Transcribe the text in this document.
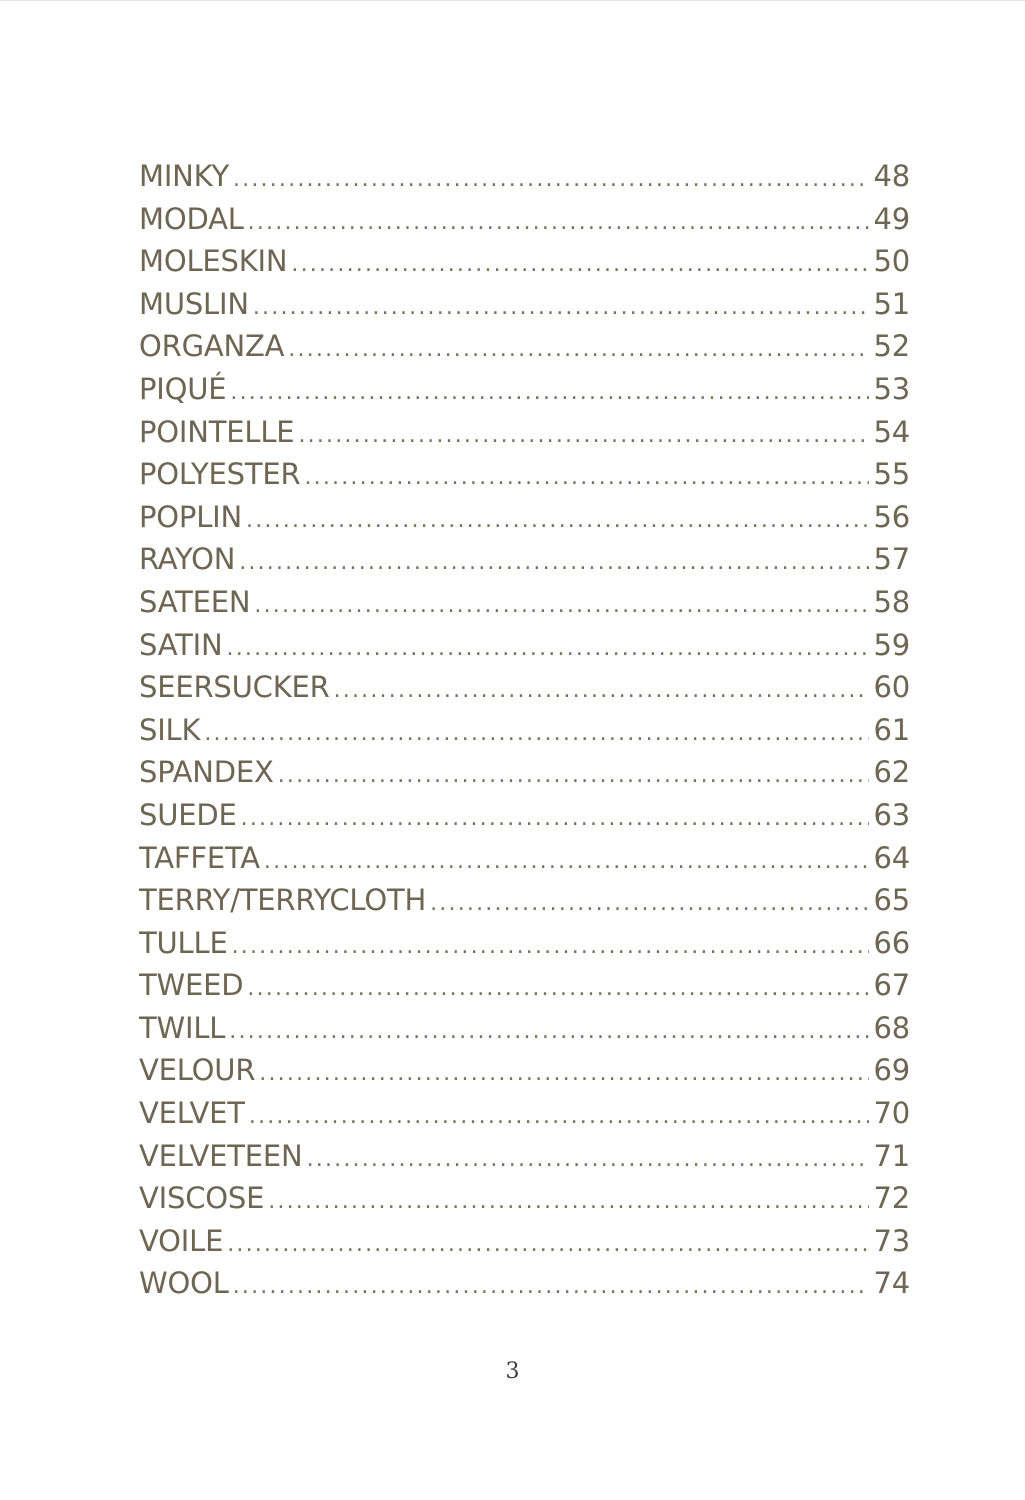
MINKY .....	48
MODAL .....	49
MOLESKIN .....	50
MUSLIN .....	51
ORGANZA .....	52
PIQUÉ .....	53
POINTELLE .....	54
POLYESTER .....	55
POPLIN .....	56
RAYON .....	57
SATEEN .....	58
SATIN .....	59
SEERSUCKER .....	60
SILK .....	61
SPANDEX .....	62
SUEDE .....	63
TAFFETA .....	64
TERRY/TERRYCLOTH .....	65
TULLE .....	66
TWEED .....	67
TWILL .....	68
VELOUR .....	69
VELVET .....	70
VELVETEEN .....	71
VISCOSE .....	72
VOILE .....	73
WOOL .....	74
3
